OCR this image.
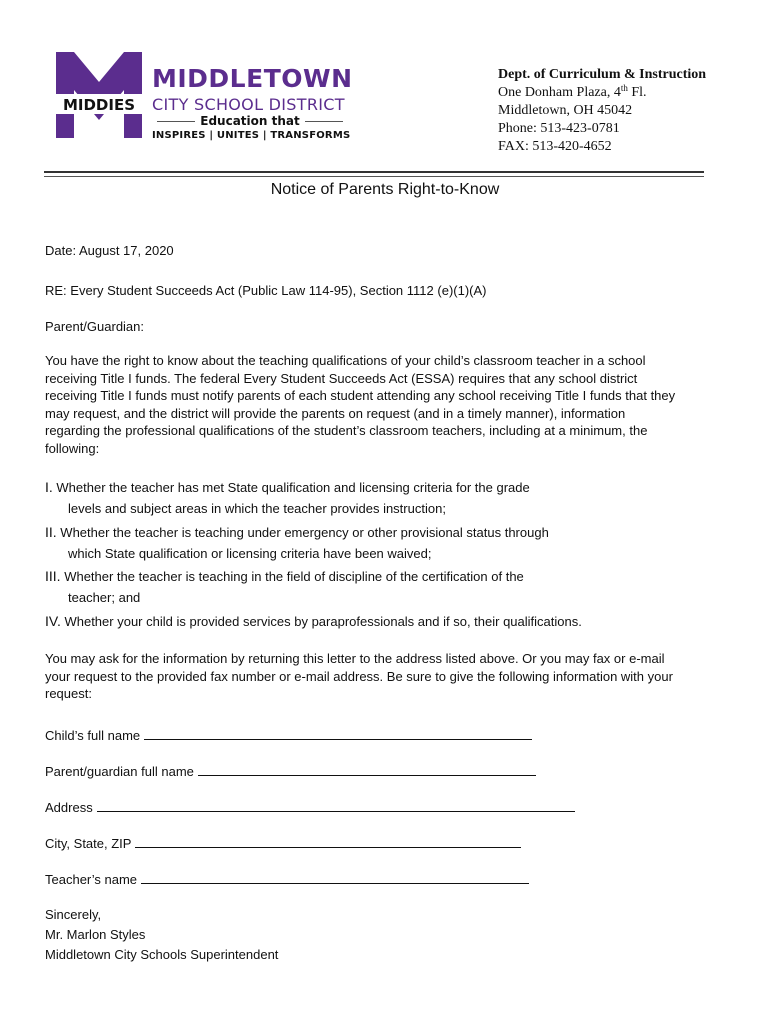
MIDDIES
MIDDLETOWN
CITY SCHOOL DISTRICT
Education that
INSPIRES | UNITES | TRANSFORMS
Dept. of Curriculum & Instruction
One Donham Plaza, 4th Fl.
Middletown, OH 45042
Phone: 513-423-0781
FAX: 513-420-4652
Notice of Parents Right-to-Know
Date: August 17, 2020
RE: Every Student Succeeds Act (Public Law 114-95), Section 1112 (e)(1)(A)
Parent/Guardian:
You have the right to know about the teaching qualifications of your child’s classroom teacher in a school
receiving Title I funds. The federal Every Student Succeeds Act (ESSA) requires that any school district
receiving Title I funds must notify parents of each student attending any school receiving Title I funds that they
may request, and the district will provide the parents on request (and in a timely manner), information
regarding the professional qualifications of the student’s classroom teachers, including at a minimum, the
following:
I. Whether the teacher has met State qualification and licensing criteria for the grade
levels and subject areas in which the teacher provides instruction;
II. Whether the teacher is teaching under emergency or other provisional status through
which State qualification or licensing criteria have been waived;
III. Whether the teacher is teaching in the field of discipline of the certification of the
teacher; and
IV. Whether your child is provided services by paraprofessionals and if so, their qualifications.
You may ask for the information by returning this letter to the address listed above. Or you may fax or e-mail
your request to the provided fax number or e-mail address. Be sure to give the following information with your
request:
Child’s full name
Parent/guardian full name
Address
City, State, ZIP
Teacher’s name
Sincerely,
Mr. Marlon Styles
Middletown City Schools Superintendent
